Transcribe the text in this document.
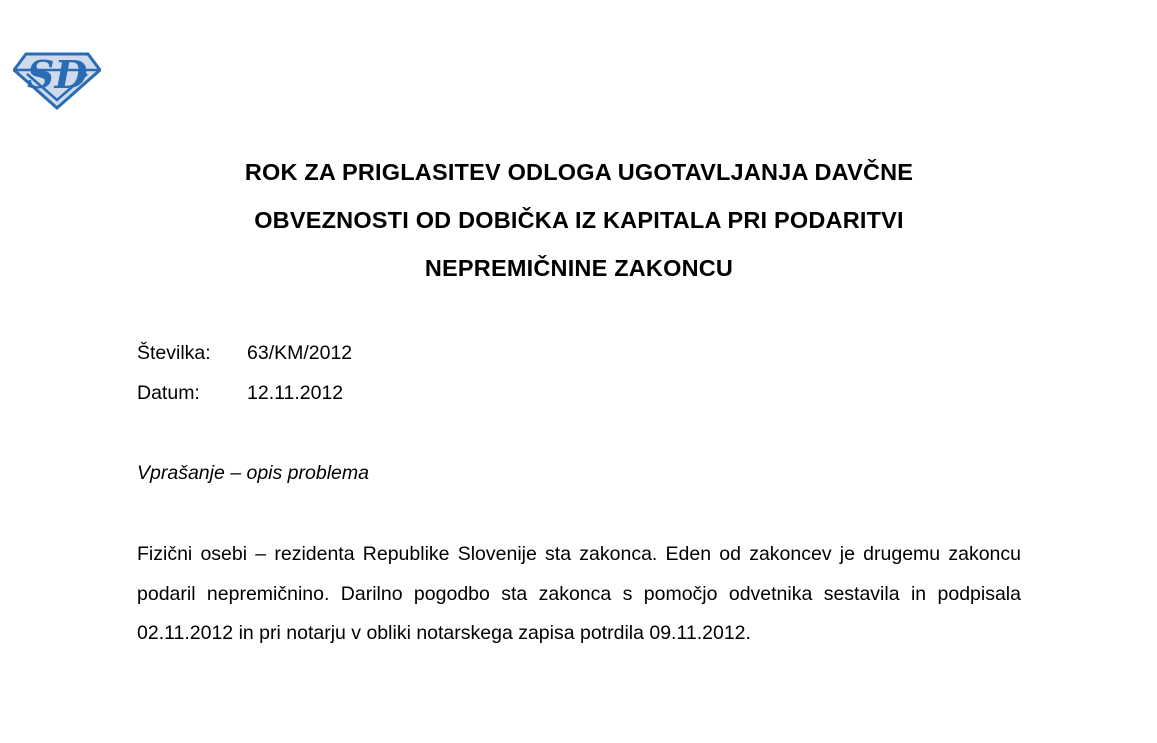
SD
ROK ZA PRIGLASITEV ODLOGA UGOTAVLJANJA DAVČNE
OBVEZNOSTI OD DOBIČKA IZ KAPITALA PRI PODARITVI
NEPREMIČNINE ZAKONCU
Številka:	63/KM/2012
Datum:	12.11.2012
Vprašanje – opis problema
Fizični osebi – rezidenta Republike Slovenije sta zakonca. Eden od zakoncev je drugemu zakoncu podaril nepremičnino. Darilno pogodbo sta zakonca s pomočjo odvetnika sestavila in podpisala 02.11.2012 in pri notarju v obliki notarskega zapisa potrdila 09.11.2012.
